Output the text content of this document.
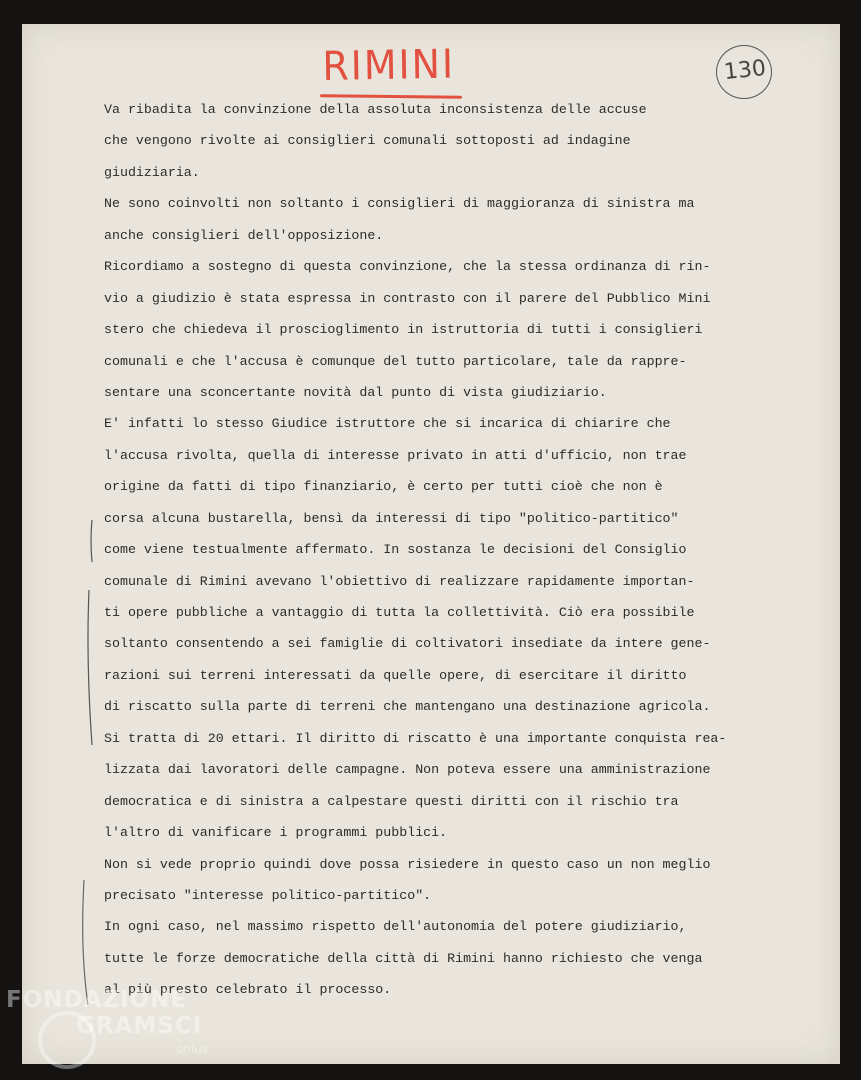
RIMINI	130
Va ribadita la convinzione della assoluta inconsistenza delle accuse
che vengono rivolte ai consiglieri comunali sottoposti ad indagine
giudiziaria.
Ne sono coinvolti non soltanto i consiglieri di maggioranza di sinistra ma
anche consiglieri dell'opposizione.
Ricordiamo a sostegno di questa convinzione, che la stessa ordinanza di rin-
vio a giudizio è stata espressa in contrasto con il parere del Pubblico Mini
stero che chiedeva il proscioglimento in istruttoria di tutti i consiglieri
comunali e che l'accusa è comunque del tutto particolare, tale da rappre-
sentare una sconcertante novità dal punto di vista giudiziario.
E' infatti lo stesso Giudice istruttore che si incarica di chiarire che
l'accusa rivolta, quella di interesse privato in atti d'ufficio, non trae
origine da fatti di tipo finanziario, è certo per tutti cioè che non è
corsa alcuna bustarella, bensì da interessi di tipo "politico-partitico"
come viene testualmente affermato. In sostanza le decisioni del Consiglio
comunale di Rimini avevano l'obiettivo di realizzare rapidamente importan-
ti opere pubbliche a vantaggio di tutta la collettività. Ciò era possibile
soltanto consentendo a sei famiglie di coltivatori insediate da intere gene-
razioni sui terreni interessati da quelle opere, di esercitare il diritto
di riscatto sulla parte di terreni che mantengano una destinazione agricola.
Si tratta di 20 ettari. Il diritto di riscatto è una importante conquista rea-
lizzata dai lavoratori delle campagne. Non poteva essere una amministrazione
democratica e di sinistra a calpestare questi diritti con il rischio tra
l'altro di vanificare i programmi pubblici.
Non si vede proprio quindi dove possa risiedere in questo caso un non meglio
precisato "interesse politico-partitico".
In ogni caso, nel massimo rispetto dell'autonomia del potere giudiziario,
tutte le forze democratiche della città di Rimini hanno richiesto che venga
al più presto celebrato il processo.
FONDAZIONE
GRAMSCI
onlus
